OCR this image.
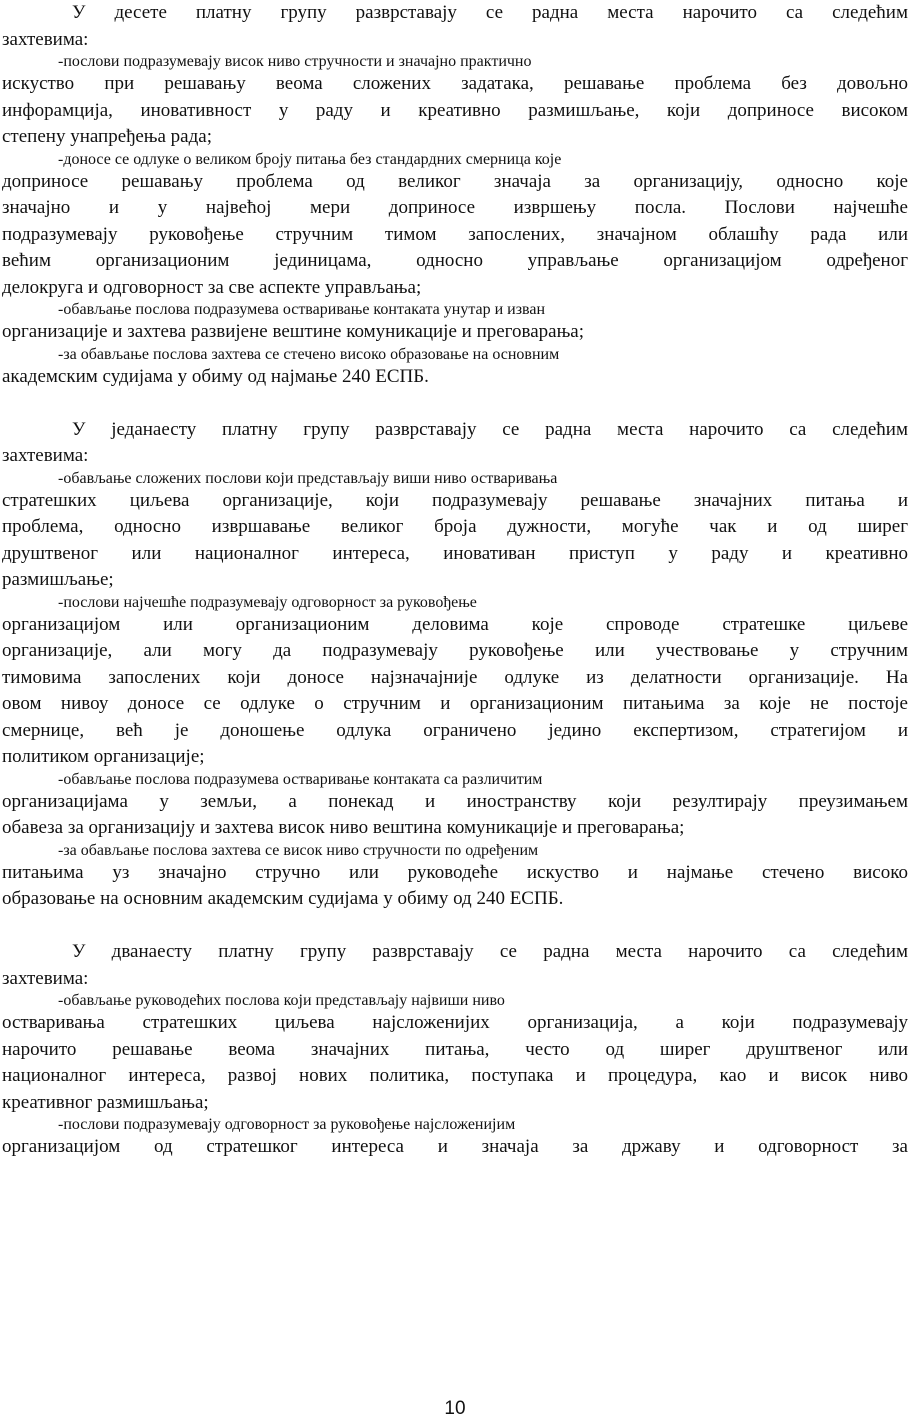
У десете платну групу разврставају се радна места нарочито са следећим
захтевима:
-послови подразумевају висок ниво стручности и значајно практично
искуство при решавању веома сложених задатака, решавање проблема без довољно
инфорамција, иновативност у раду и креативно размишљање, који доприносе високом
степену унапређења рада;
-доносе се одлуке о великом броју питања без стандардних смерница које
доприносе решавању проблема од великог значаја за организацију, односно које
значајно и у највећој мери доприносе извршењу посла. Послови најчешће
подразумевају руковођење стручним тимом запослених, значајном облашћу рада или
већим организационим јединицама, односно управљање организацијом одређеног
делокруга и одговорност за све аспекте управљања;
-обављање послова подразумева остваривање контаката унутар и изван
организације и захтева развијене вештине комуникације и преговарања;
-за обављање послова захтева се стечено високо образовање на основним
академским судијама у обиму од најмање 240 ЕСПБ.
У једанаесту платну групу разврставају се радна места нарочито са следећим
захтевима:
-обављање сложених послови који представљају виши ниво остваривања
стратешких циљева организације, који подразумевају решавање значајних питања и
проблема, односно извршавање великог броја дужности, могуће чак и од ширег
друштвеног или националног интереса, иновативан приступ у раду и креативно
размишљање;
-послови најчешће подразумевају одговорност за руковођење
организацијом или организационим деловима које спроводе стратешке циљеве
организације, али могу да подразумевају руковођење или учествовање у стручним
тимовима запослених који доносе најзначајније одлуке из делатности организације. На
овом нивоу доносе се одлуке о стручним и организационим питањима за које не постоје
смернице, већ је доношење одлука ограничено једино експертизом, стратегијом и
политиком организације;
-обављање послова подразумева остваривање контаката са различитим
организацијама у земљи, а понекад и иностранству који резултирају преузимањем
обавеза за организацију и захтева висок ниво вештина комуникације и преговарања;
-за обављање послова захтева се висок ниво стручности по одређеним
питањима уз значајно стручно или руководеће искуство и најмање стечено високо
образовање на основним академским судијама у обиму од 240 ЕСПБ.
У дванаесту платну групу разврставају се радна места нарочито са следећим
захтевима:
-обављање руководећих послова који представљају највиши ниво
остваривања стратешких циљева најсложенијих организација, а који подразумевају
нарочито решавање веома значајних питања, често од ширег друштвеног или
националног интереса, развој нових политика, поступака и процедура, као и висок ниво
креативног размишљања;
-послови подразумевају одговорност за руковођење најсложенијим
организацијом од стратешког интереса и значаја за државу и одговорност за
10
